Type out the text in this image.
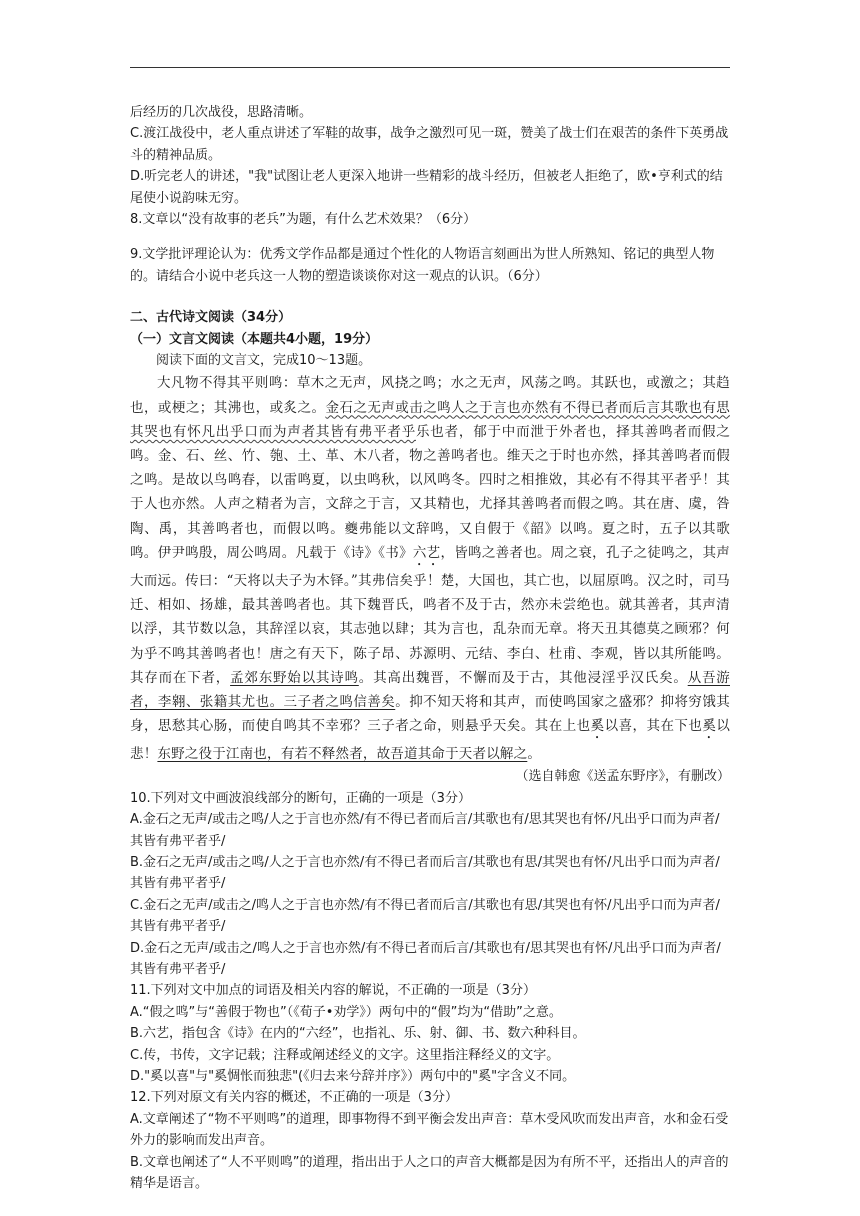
后经历的几次战役，思路清晰。

C.渡江战役中，老人重点讲述了军鞋的故事，战争之激烈可见一斑，赞美了战士们在艰苦的条件下英勇战斗的精神品质。

D.听完老人的讲述，"我"试图让老人更深入地讲一些精彩的战斗经历，但被老人拒绝了，欧•亨利式的结尾使小说韵味无穷。

8.文章以“没有故事的老兵”为题，有什么艺术效果？（6分）

9.文学批评理论认为：优秀文学作品都是通过个性化的人物语言刻画出为世人所熟知、铭记的典型人物的。请结合小说中老兵这一人物的塑造谈谈你对这一观点的认识。（6分）

二、古代诗文阅读（34分）

（一）文言文阅读（本题共4小题，19分）

阅读下面的文言文，完成10～13题。

大凡物不得其平则鸣：草木之无声，风挠之鸣；水之无声，风荡之鸣。其跃也，或激之；其趋也，或梗之；其沸也，或炙之。金石之无声或击之鸣人之于言也亦然有不得已者而后言其歌也有思其哭也有怀凡出乎口而为声者其皆有弗平者乎乐也者，郁于中而泄于外者也，择其善鸣者而假之鸣。金、石、丝、竹、匏、土、革、木八者，物之善鸣者也。维天之于时也亦然，择其善鸣者而假之鸣。是故以鸟鸣春，以雷鸣夏，以虫鸣秋，以风鸣冬。四时之相推敚，其必有不得其平者乎！其于人也亦然。人声之精者为言，文辞之于言，又其精也，尤择其善鸣者而假之鸣。其在唐、虞，咎陶、禹，其善鸣者也，而假以鸣。夔弗能以文辞鸣，又自假于《韶》以鸣。夏之时，五子以其歌鸣。伊尹鸣殷，周公鸣周。凡载于《诗》《书》六艺，皆鸣之善者也。周之衰，孔子之徒鸣之，其声大而远。传曰：“天将以夫子为木铎。”其弗信矣乎！楚，大国也，其亡也，以屈原鸣。汉之时，司马迁、相如、扬雄，最其善鸣者也。其下魏晋氏，鸣者不及于古，然亦未尝绝也。就其善者，其声清以浮，其节数以急，其辞淫以哀，其志弛以肆；其为言也，乱杂而无章。将天丑其德莫之顾邪？何为乎不鸣其善鸣者也！唐之有天下，陈子昂、苏源明、元结、李白、杜甫、李观，皆以其所能鸣。其存而在下者，孟郊东野始以其诗鸣。其高出魏晋，不懈而及于古，其他浸淫乎汉氏矣。从吾游者，李翱、张籍其尤也。三子者之鸣信善矣。抑不知天将和其声，而使鸣国家之盛邪？抑将穷饿其身，思愁其心肠，而使自鸣其不幸邪？三子者之命，则悬乎天矣。其在上也奚以喜，其在下也奚以悲！东野之役于江南也，有若不释然者，故吾道其命于天者以解之。

（选自韩愈《送孟东野序》，有删改）

10.下列对文中画波浪线部分的断句，正确的一项是（3分）

A.金石之无声/或击之鸣/人之于言也亦然/有不得已者而后言/其歌也有/思其哭也有怀/凡出乎口而为声者/其皆有弗平者乎/

B.金石之无声/或击之鸣/人之于言也亦然/有不得已者而后言/其歌也有思/其哭也有怀/凡出乎口而为声者/其皆有弗平者乎/

C.金石之无声/或击之/鸣人之于言也亦然/有不得已者而后言/其歌也有思/其哭也有怀/凡出乎口而为声者/其皆有弗平者乎/

D.金石之无声/或击之/鸣人之于言也亦然/有不得已者而后言/其歌也有/思其哭也有怀/凡出乎口而为声者/其皆有弗平者乎/

11.下列对文中加点的词语及相关内容的解说，不正确的一项是（3分）

A.“假之鸣”与“善假于物也”（《荀子•劝学》）两句中的“假”均为“借助”之意。

B.六艺，指包含《诗》在内的“六经”，也指礼、乐、射、御、书、数六种科目。

C.传，书传，文字记载；注释或阐述经义的文字。这里指注释经义的文字。

D."奚以喜"与"奚惆怅而独悲"(《归去来兮辞并序》）两句中的"奚"字含义不同。

12.下列对原文有关内容的概述，不正确的一项是（3分）

A.文章阐述了“物不平则鸣”的道理，即事物得不到平衡会发出声音：草木受风吹而发出声音，水和金石受外力的影响而发出声音。

B.文章也阐述了“人不平则鸣”的道理，指出出于人之口的声音大概都是因为有所不平，还指出人的声音的精华是语言。
